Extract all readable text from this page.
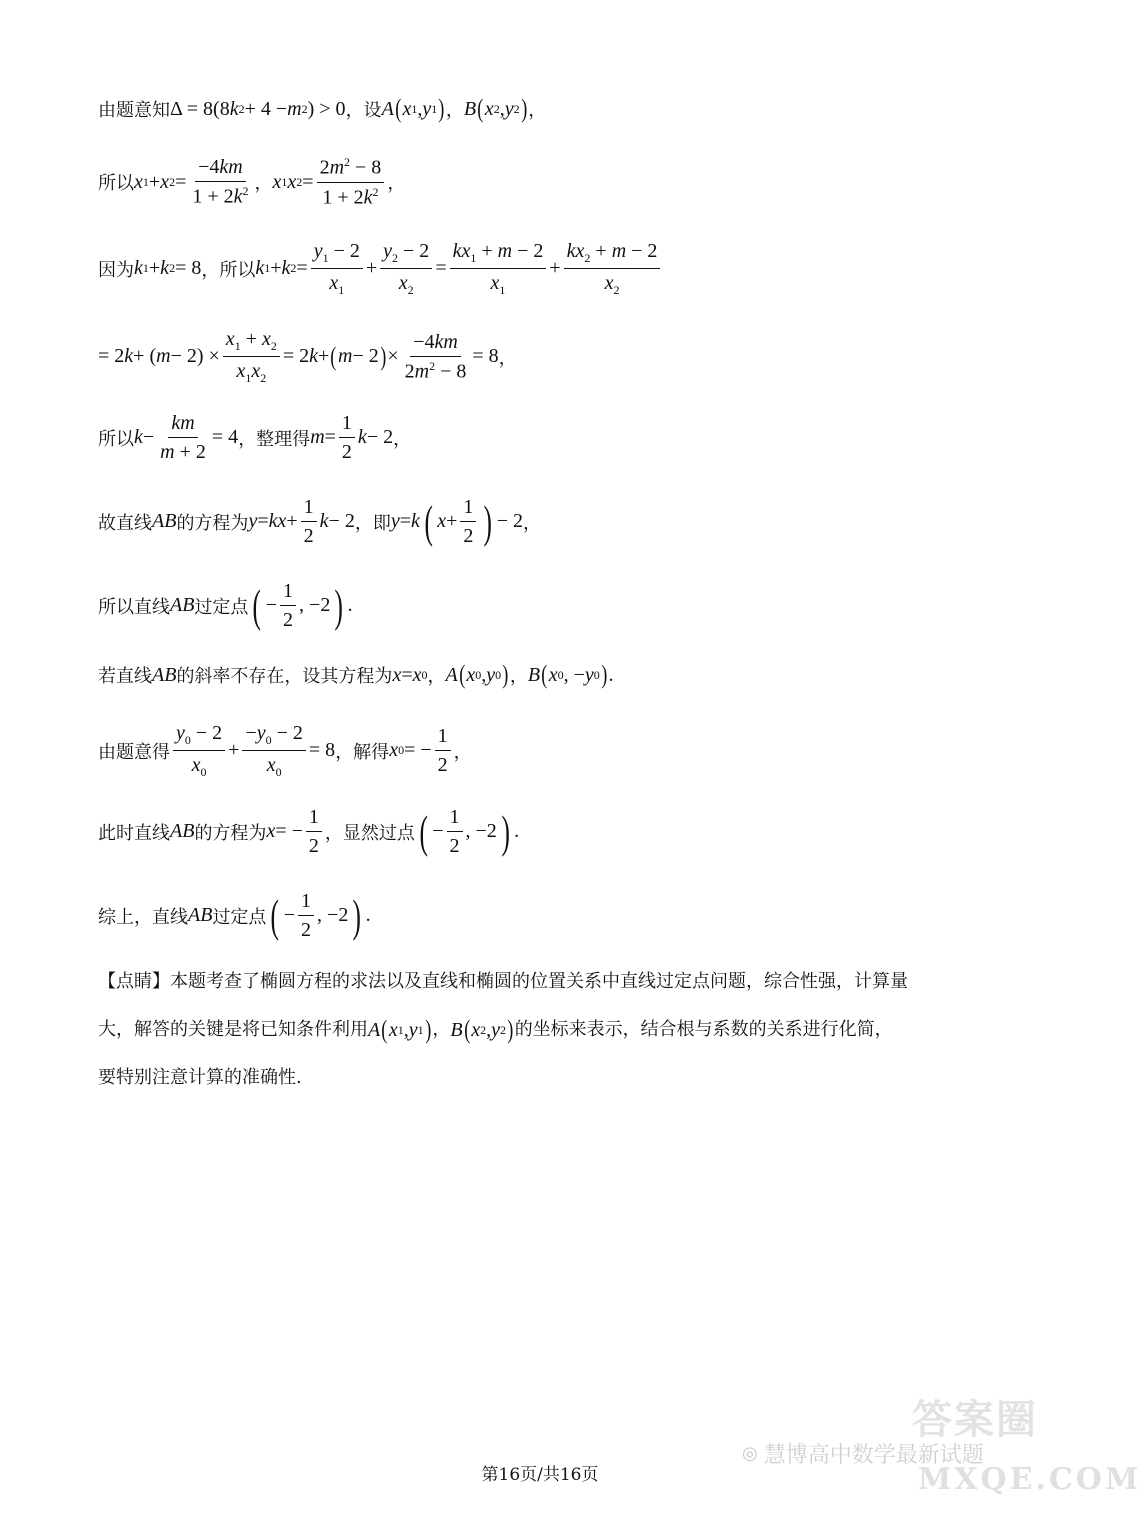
由题意知 Δ = 8(8 k 2 + 4 − m 2 ) > 0 ，设 A ( x 1 , y 1 ) ， B ( x 2 , y 2 ) ，
所以 x 1 + x $2 = \frac{-4km}{1 + 2k^2}$ ， x 1 x $2 = \frac{2m^2 - 8}{1 + 2k^2}$ ，
因为 k 1 + k 2 = 8 ，所以 k 1 + k $2 = \frac{y_1 - 2}{x_1} + \frac{y_2 - 2}{x_2} = \frac{kx_1 + m - 2}{x_1} + \frac{kx_2 + m - 2}{x_2}$
= 2 k + ( $m - 2) \times \frac{x_1 + x_2}{x_1x_2} = 2$ k + ( m − 2 ) × $\frac{-4km}{2m^2 - 8} = 8$ ，
所以 $k - \frac{km}{m + 2} = 4$ ，整理得 $m = \frac{1}{2}$ k − 2 ，
故直线 AB 的方程为 y = kx + $\frac{1}{2}$ k − 2 ，即 y = k ( $x + \frac{1}{2}$ ) − 2 ，
所以直线 AB 过定点 ( − $\frac{1}{2}$ , −2 ) .
若直线 AB 的斜率不存在，设其方程为 x = x 0 ， A ( x 0 , y 0 ) ， B ( x 0 , − y 0 ) .
由题意得 $\frac{y_0 - 2}{x_0} + \frac{-y_0 - 2}{x_0} = 8$ ，解得 x 0 = − $\frac{1}{2}$ ，
此时直线 AB 的方程为 x = − $\frac{1}{2}$ ，显然过点 ( − $\frac{1}{2}$ , −2 ) .
综上，直线 AB 过定点 ( − $\frac{1}{2}$ , −2 ) .
【点睛】本题考查了椭圆方程的求法以及直线和椭圆的位置关系中直线过定点问题，综合性强，计算量
大，解答的关键是将已知条件利用 A ( x 1 , y 1 ) ， B ( x 2 , y 2 ) 的坐标来表示，结合根与系数的关系进行化简，
要特别注意计算的准确性.
◎ 慧博高中数学最新试题
答案圈
MXQE.COM
第16页/共16页
